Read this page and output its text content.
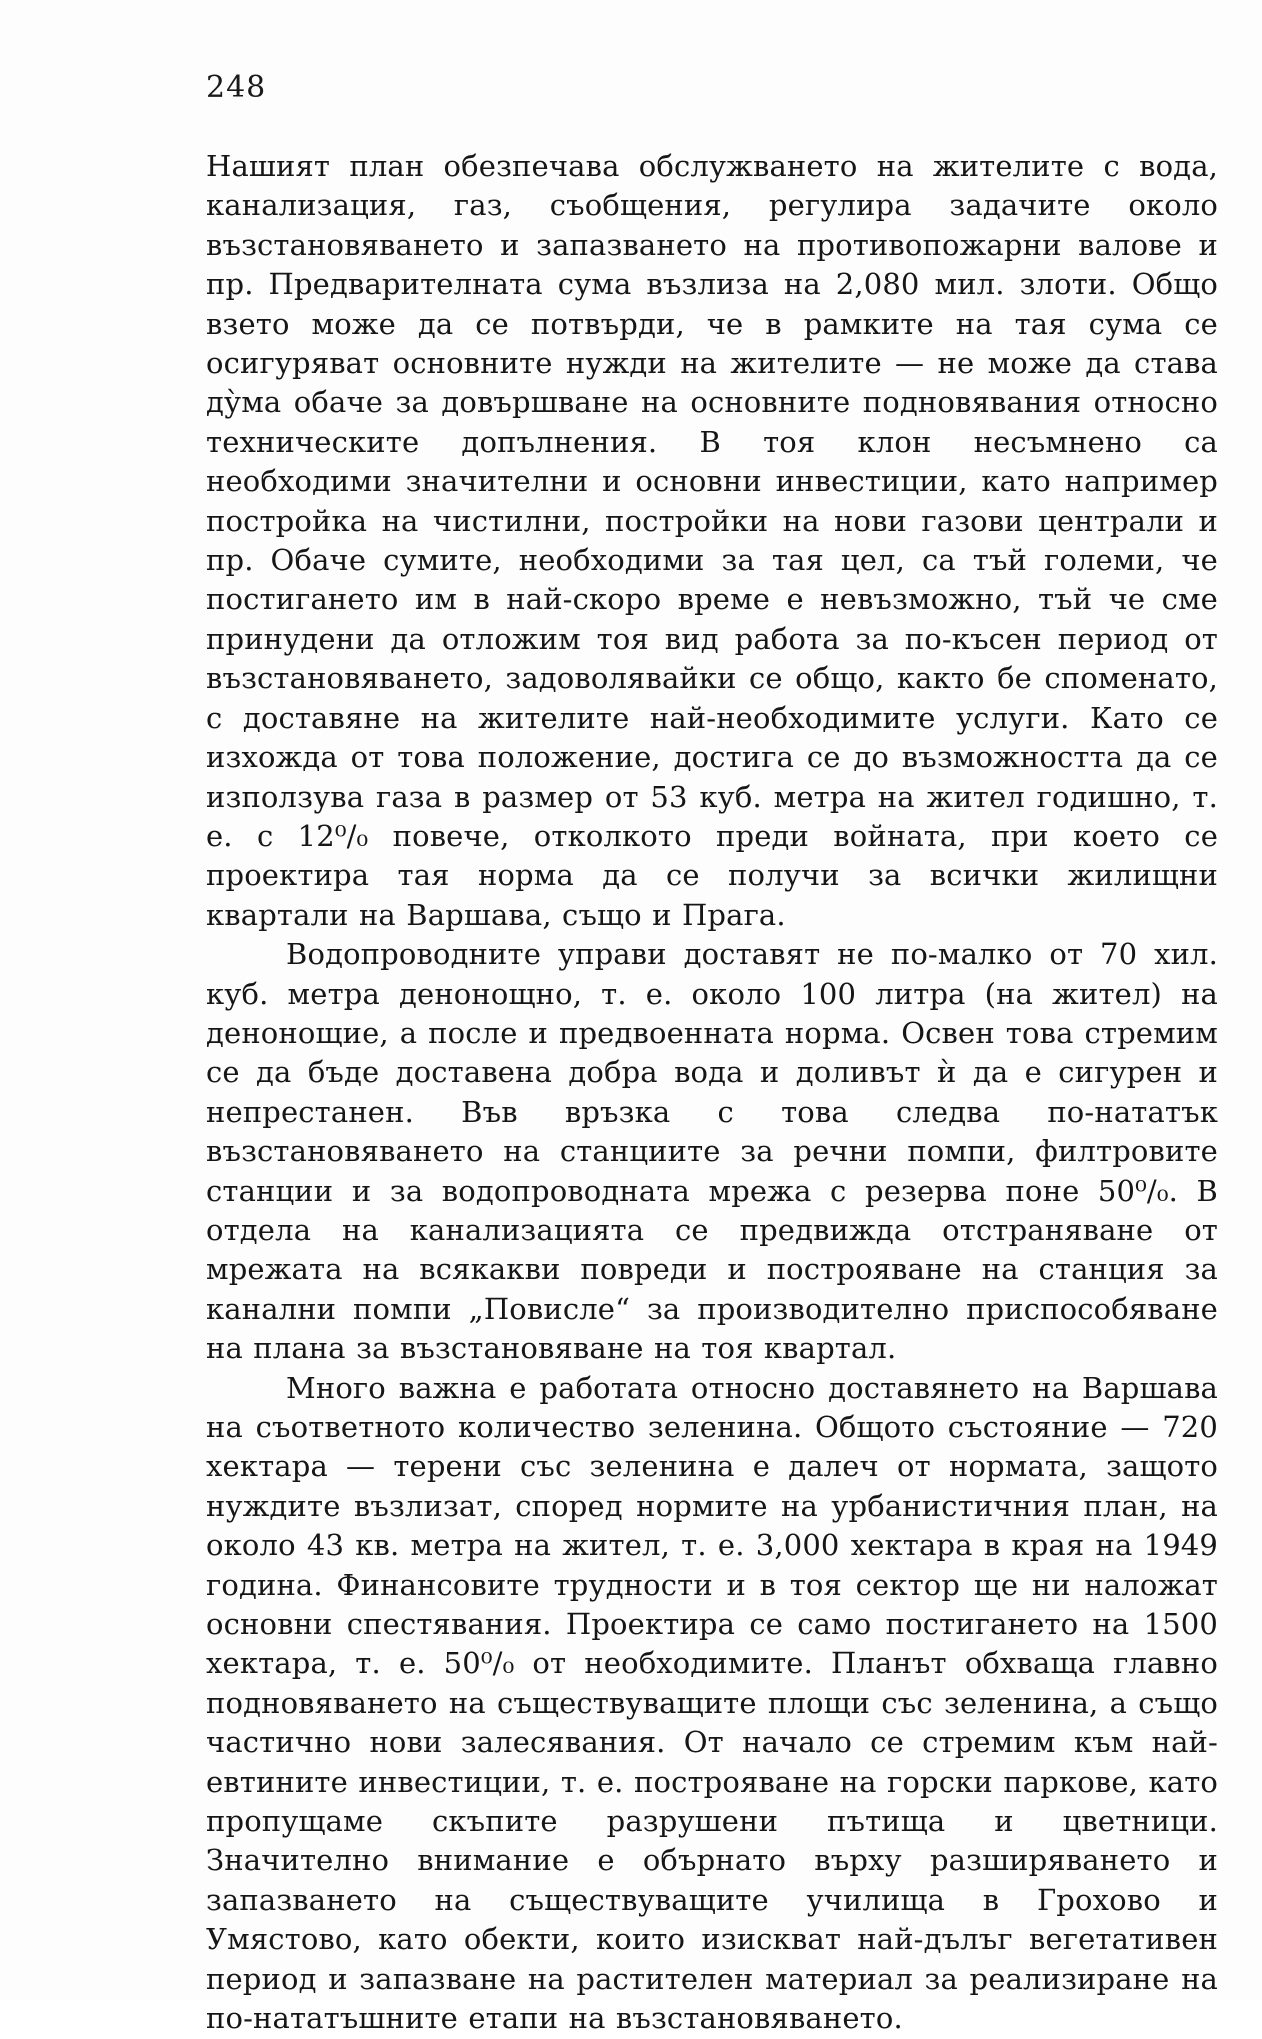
248

Нашият план обезпечава обслужването на жителите с вода, канализация, газ, съобщения, регулира задачите около възстановяването и запазването на противопожарни валове и пр. Предварителната сума възлиза на 2,080 мил. злоти. Общо взето може да се потвърди, че в рамките на тая сума се осигуряват основните нужди на жителите — не може да става ду̀ма обаче за довършване на основните подновявания относно техническите допълнения. В тоя клон несъмнено са необходими значителни и основни инвестиции, като например постройка на чистилни, постройки на нови газови централи и пр. Обаче сумите, необходими за тая цел, са тъй големи, че постигането им в най-скоро време е невъзможно, тъй че сме принудени да отложим тоя вид работа за по-късен период от възстановяването, задоволявайки се общо, както бе споменато, с доставяне на жителите най-необходимите услуги. Като се изхожда от това положение, достига се до възможността да се използува газа в размер от 53 куб. метра на жител годишно, т. е. с 12⁰/₀ повече, отколкото преди войната, при което се проектира тая норма да се получи за всички жилищни квартали на Варшава, също и Прага.

Водопроводните управи доставят не по-малко от 70 хил. куб. метра денонощно, т. е. около 100 литра (на жител) на денонощие, а после и предвоенната норма. Освен това стремим се да бъде доставена добра вода и доливът ѝ да е сигурен и непрестанен. Във връзка с това следва по-нататък възстановяването на станциите за речни помпи, филтровите станции и за водопроводната мрежа с резерва поне 50⁰/₀. В отдела на канализацията се предвижда отстраняване от мрежата на всякакви повреди и построяване на станция за канални помпи „Повисле“ за производително приспособяване на плана за възстановяване на тоя квартал.

Много важна е работата относно доставянето на Варшава на съответното количество зеленина. Общото състояние — 720 хектара — терени със зеленина е далеч от нормата, защото нуждите възлизат, според нормите на урбанистичния план, на около 43 кв. метра на жител, т. е. 3,000 хектара в края на 1949 година. Финансовите трудности и в тоя сектор ще ни наложат основни спестявания. Проектира се само постигането на 1500 хектара, т. е. 50⁰/₀ от необходимите. Планът обхваща главно подновяването на съществуващите площи със зеленина, а също частично нови залесявания. От начало се стремим към най-евтините инвестиции, т. е. построяване на горски паркове, като пропущаме скъпите разрушени пътища и цветници. Значително внимание е обърнато върху разширяването и запазването на съществуващите училища в Грохово и Умястово, като обекти, които изискват най-дълъг вегетативен период и запазване на растителен материал за реализиране на по-нататъшните етапи на възстановяването.
